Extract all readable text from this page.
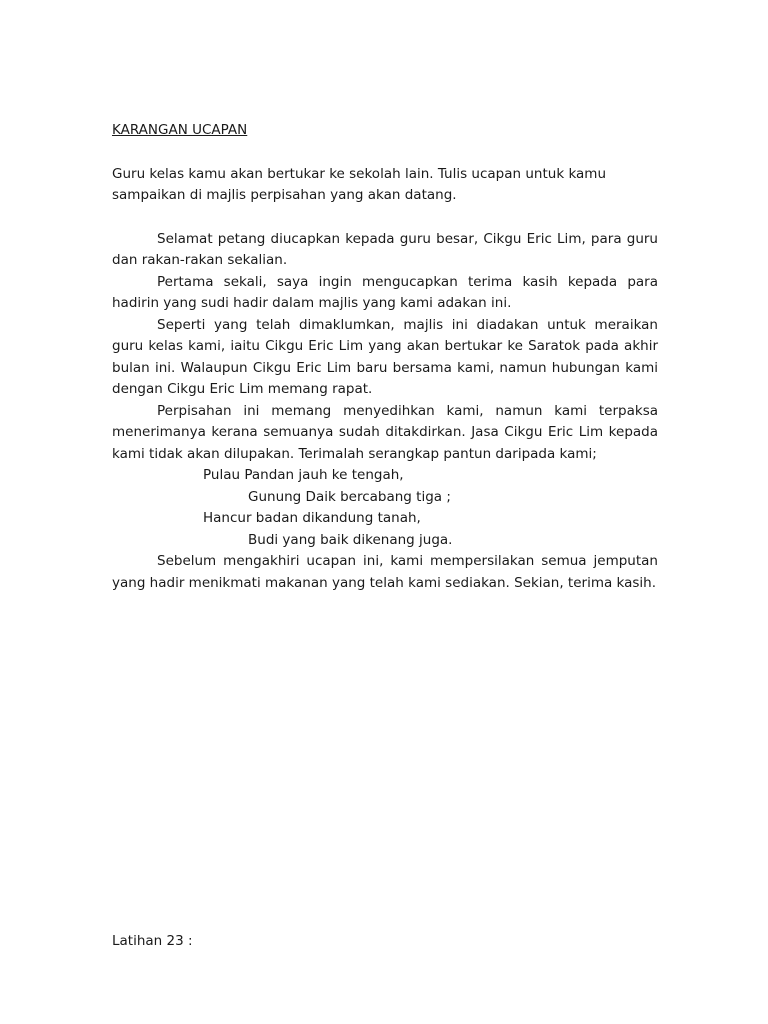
KARANGAN UCAPAN

Guru kelas kamu akan bertukar ke sekolah lain. Tulis ucapan untuk kamu sampaikan di majlis perpisahan yang akan datang.

Selamat petang diucapkan kepada guru besar, Cikgu Eric Lim, para guru dan rakan-rakan sekalian.

Pertama sekali, saya ingin mengucapkan terima kasih kepada para hadirin yang sudi hadir dalam majlis yang kami adakan ini.

Seperti yang telah dimaklumkan, majlis ini diadakan untuk meraikan guru kelas kami, iaitu Cikgu Eric Lim yang akan bertukar ke Saratok pada akhir bulan ini. Walaupun Cikgu Eric Lim baru bersama kami, namun hubungan kami dengan Cikgu Eric Lim memang rapat.

Perpisahan ini memang menyedihkan kami, namun kami terpaksa menerimanya kerana semuanya sudah ditakdirkan. Jasa Cikgu Eric Lim kepada kami tidak akan dilupakan. Terimalah serangkap pantun daripada kami;

Pulau Pandan jauh ke tengah,
Gunung Daik bercabang tiga ;
Hancur badan dikandung tanah,
Budi yang baik dikenang juga.

Sebelum mengakhiri ucapan ini, kami mempersilakan semua jemputan yang hadir menikmati makanan yang telah kami sediakan. Sekian, terima kasih.

Latihan 23 :
